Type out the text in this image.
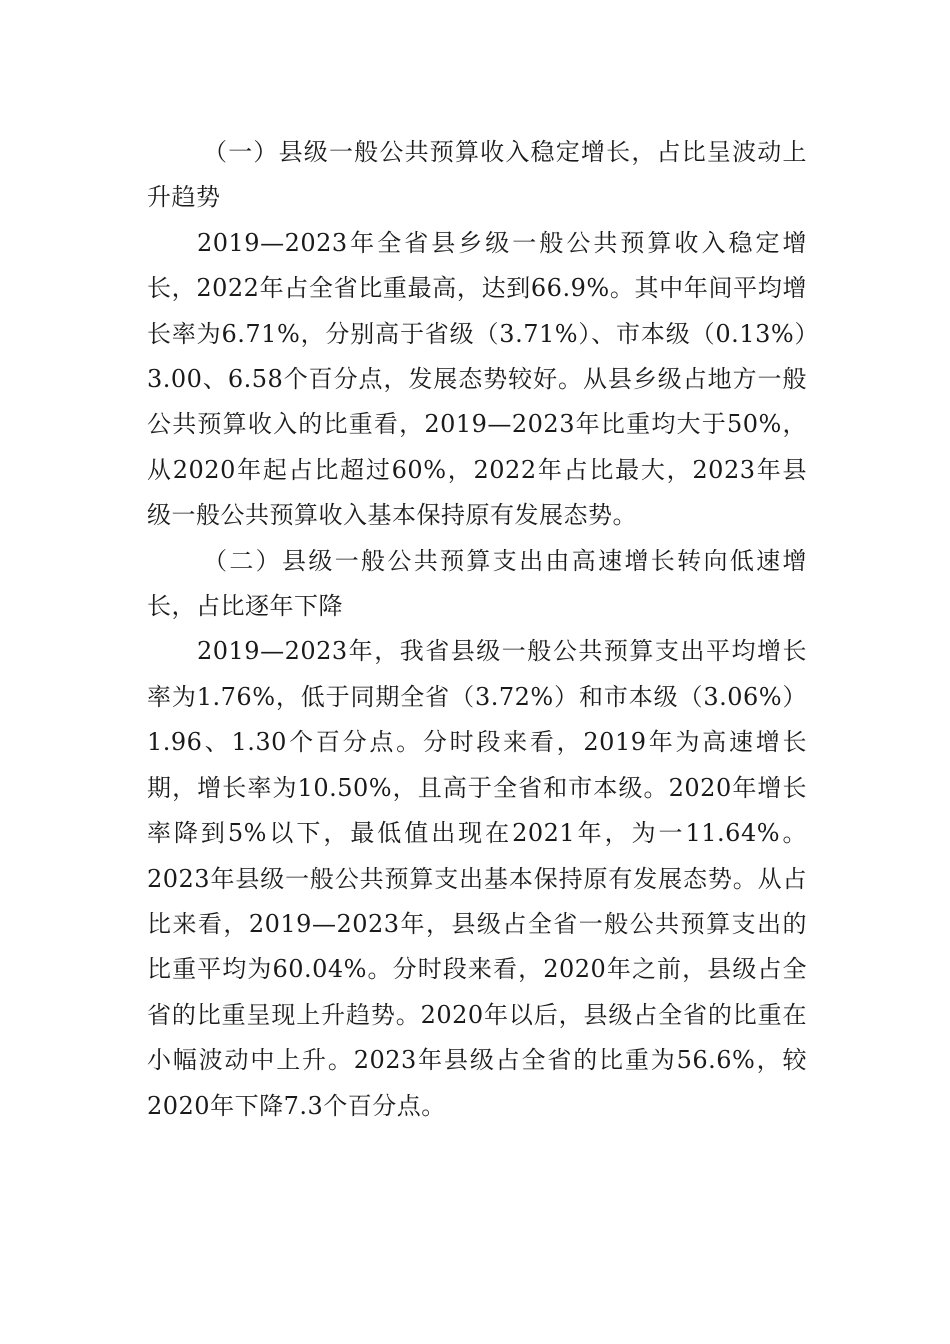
（一）县级一般公共预算收入稳定增长，占比呈波动上升趋势

2019—2023年全省县乡级一般公共预算收入稳定增长，2022年占全省比重最高，达到66.9%。其中年间平均增长率为6.71%，分别高于省级（3.71%）、市本级（0.13%）3.00、6.58个百分点，发展态势较好。从县乡级占地方一般公共预算收入的比重看，2019—2023年比重均大于50%，从2020年起占比超过60%，2022年占比最大，2023年县级一般公共预算收入基本保持原有发展态势。

（二）县级一般公共预算支出由高速增长转向低速增长，占比逐年下降

2019—2023年，我省县级一般公共预算支出平均增长率为1.76%，低于同期全省（3.72%）和市本级（3.06%）1.96、1.30个百分点。分时段来看，2019年为高速增长期，增长率为10.50%，且高于全省和市本级。2020年增长率降到5%以下，最低值出现在2021年，为一11.64%。2023年县级一般公共预算支出基本保持原有发展态势。从占比来看，2019—2023年，县级占全省一般公共预算支出的比重平均为60.04%。分时段来看，2020年之前，县级占全省的比重呈现上升趋势。2020年以后，县级占全省的比重在小幅波动中上升。2023年县级占全省的比重为56.6%，较2020年下降7.3个百分点。
